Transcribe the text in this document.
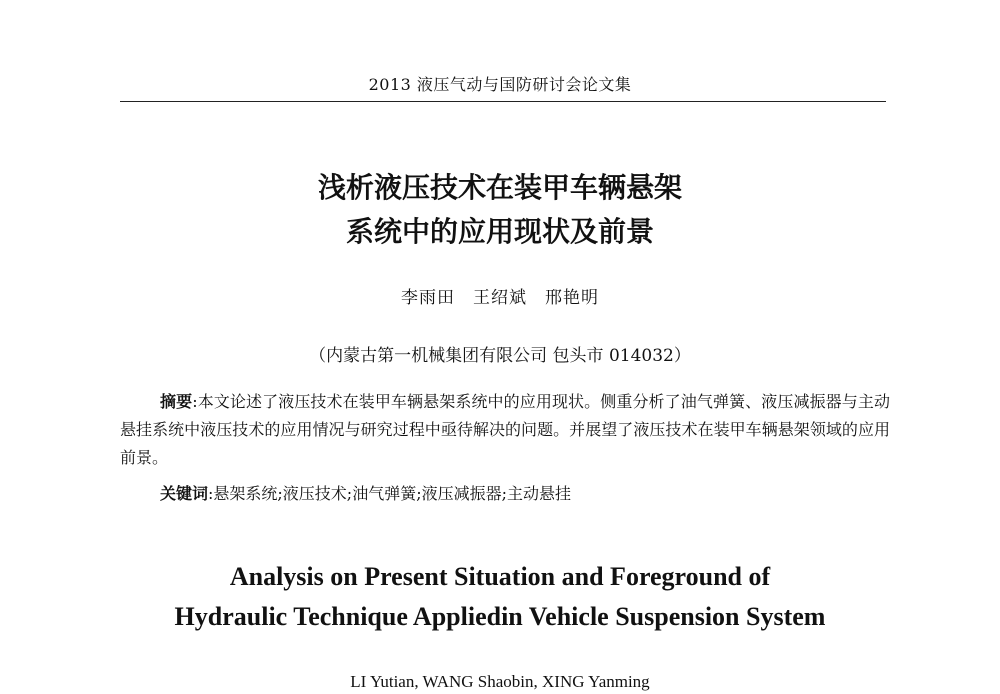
2013 液压气动与国防研讨会论文集
浅析液压技术在装甲车辆悬架
系统中的应用现状及前景
李雨田　王绍斌　邢艳明
（内蒙古第一机械集团有限公司 包头市 014032）

摘要:本文论述了液压技术在装甲车辆悬架系统中的应用现状。侧重分析了油气弹簧、液压减振器与主动悬挂系统中液压技术的应用情况与研究过程中亟待解决的问题。并展望了液压技术在装甲车辆悬架领域的应用前景。

关键词:悬架系统;液压技术;油气弹簧;液压减振器;主动悬挂
Analysis on Present Situation and Foreground of
Hydraulic Technique Appliedin Vehicle Suspension System
LI Yutian, WANG Shaobin, XING Yanming
